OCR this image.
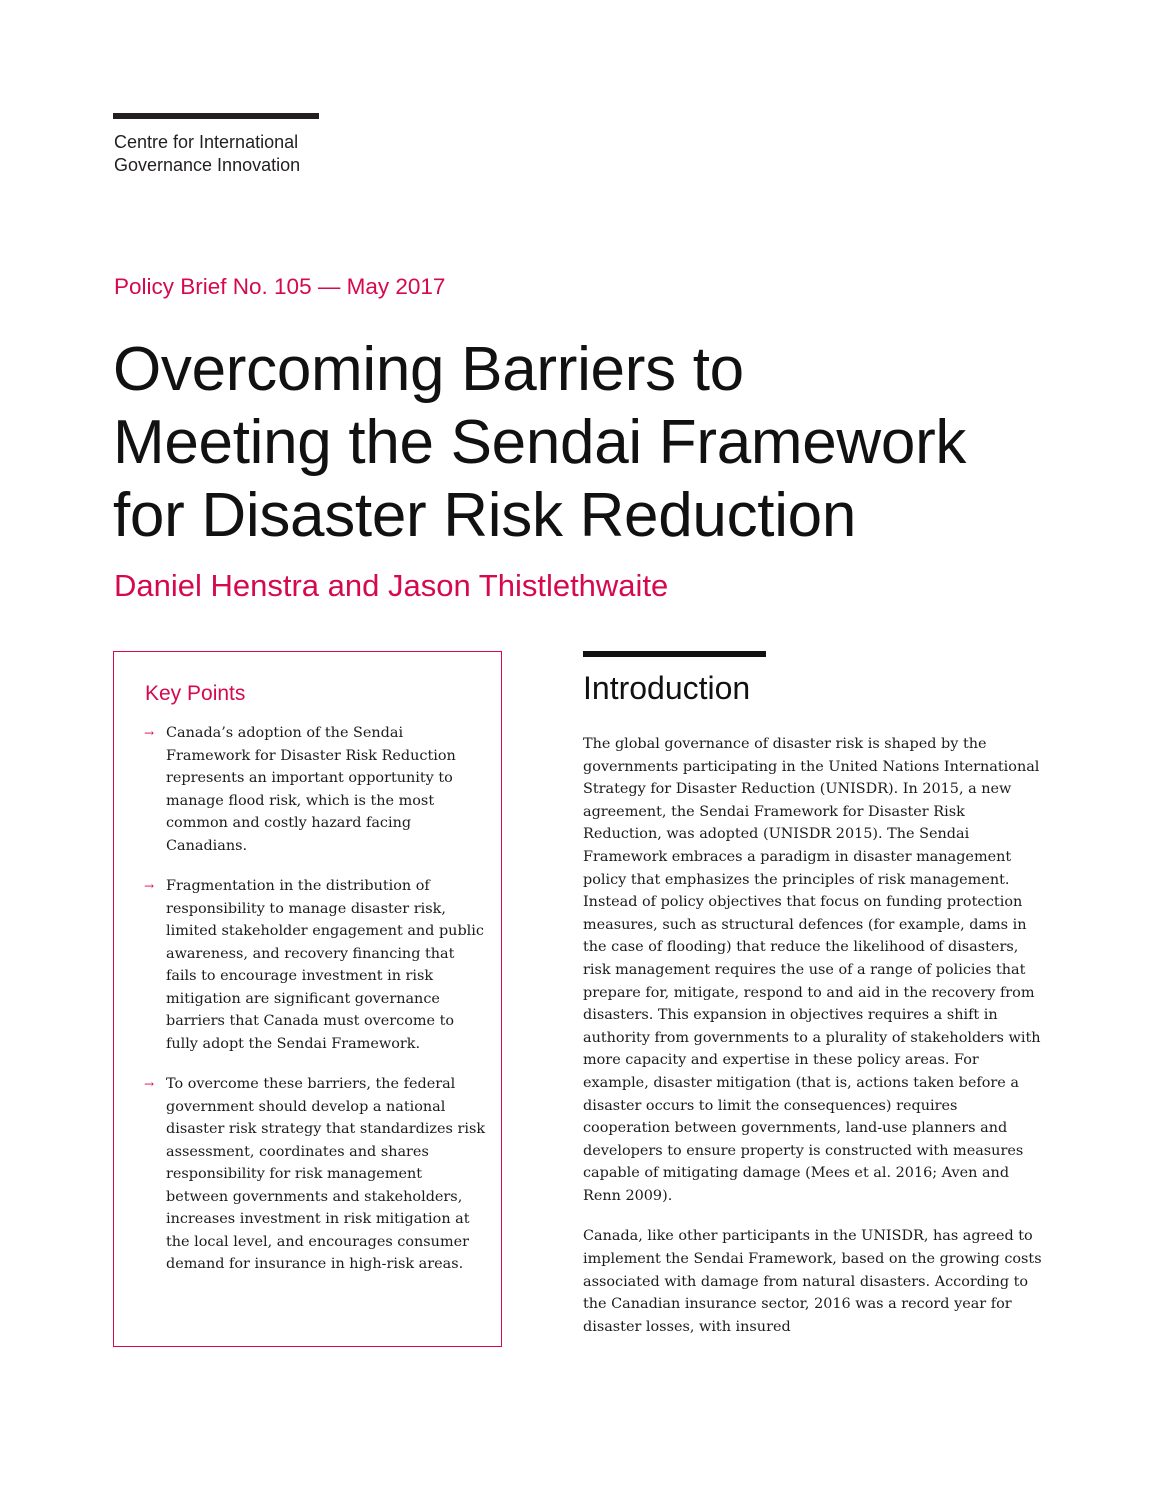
Centre for International
Governance Innovation
Policy Brief No. 105 — May 2017
Overcoming Barriers to
Meeting the Sendai Framework
for Disaster Risk Reduction
Daniel Henstra and Jason Thistlethwaite
Key Points
→ Canada’s adoption of the Sendai Framework for Disaster Risk Reduction represents an important opportunity to manage flood risk, which is the most common and costly hazard facing Canadians.
→ Fragmentation in the distribution of responsibility to manage disaster risk, limited stakeholder engagement and public awareness, and recovery financing that fails to encourage investment in risk mitigation are significant governance barriers that Canada must overcome to fully adopt the Sendai Framework.
→ To overcome these barriers, the federal government should develop a national disaster risk strategy that standardizes risk assessment, coordinates and shares responsibility for risk management between governments and stakeholders, increases investment in risk mitigation at the local level, and encourages consumer demand for insurance in high-risk areas.
Introduction

The global governance of disaster risk is shaped by the governments participating in the United Nations International Strategy for Disaster Reduction (UNISDR). In 2015, a new agreement, the Sendai Framework for Disaster Risk Reduction, was adopted (UNISDR 2015). The Sendai Framework embraces a paradigm in disaster management policy that emphasizes the principles of risk management. Instead of policy objectives that focus on funding protection measures, such as structural defences (for example, dams in the case of flooding) that reduce the likelihood of disasters, risk management requires the use of a range of policies that prepare for, mitigate, respond to and aid in the recovery from disasters. This expansion in objectives requires a shift in authority from governments to a plurality of stakeholders with more capacity and expertise in these policy areas. For example, disaster mitigation (that is, actions taken before a disaster occurs to limit the consequences) requires cooperation between governments, land-use planners and developers to ensure property is constructed with measures capable of mitigating damage (Mees et al. 2016; Aven and Renn 2009).

Canada, like other participants in the UNISDR, has agreed to implement the Sendai Framework, based on the growing costs associated with damage from natural disasters. According to the Canadian insurance sector, 2016 was a record year for disaster losses, with insured
